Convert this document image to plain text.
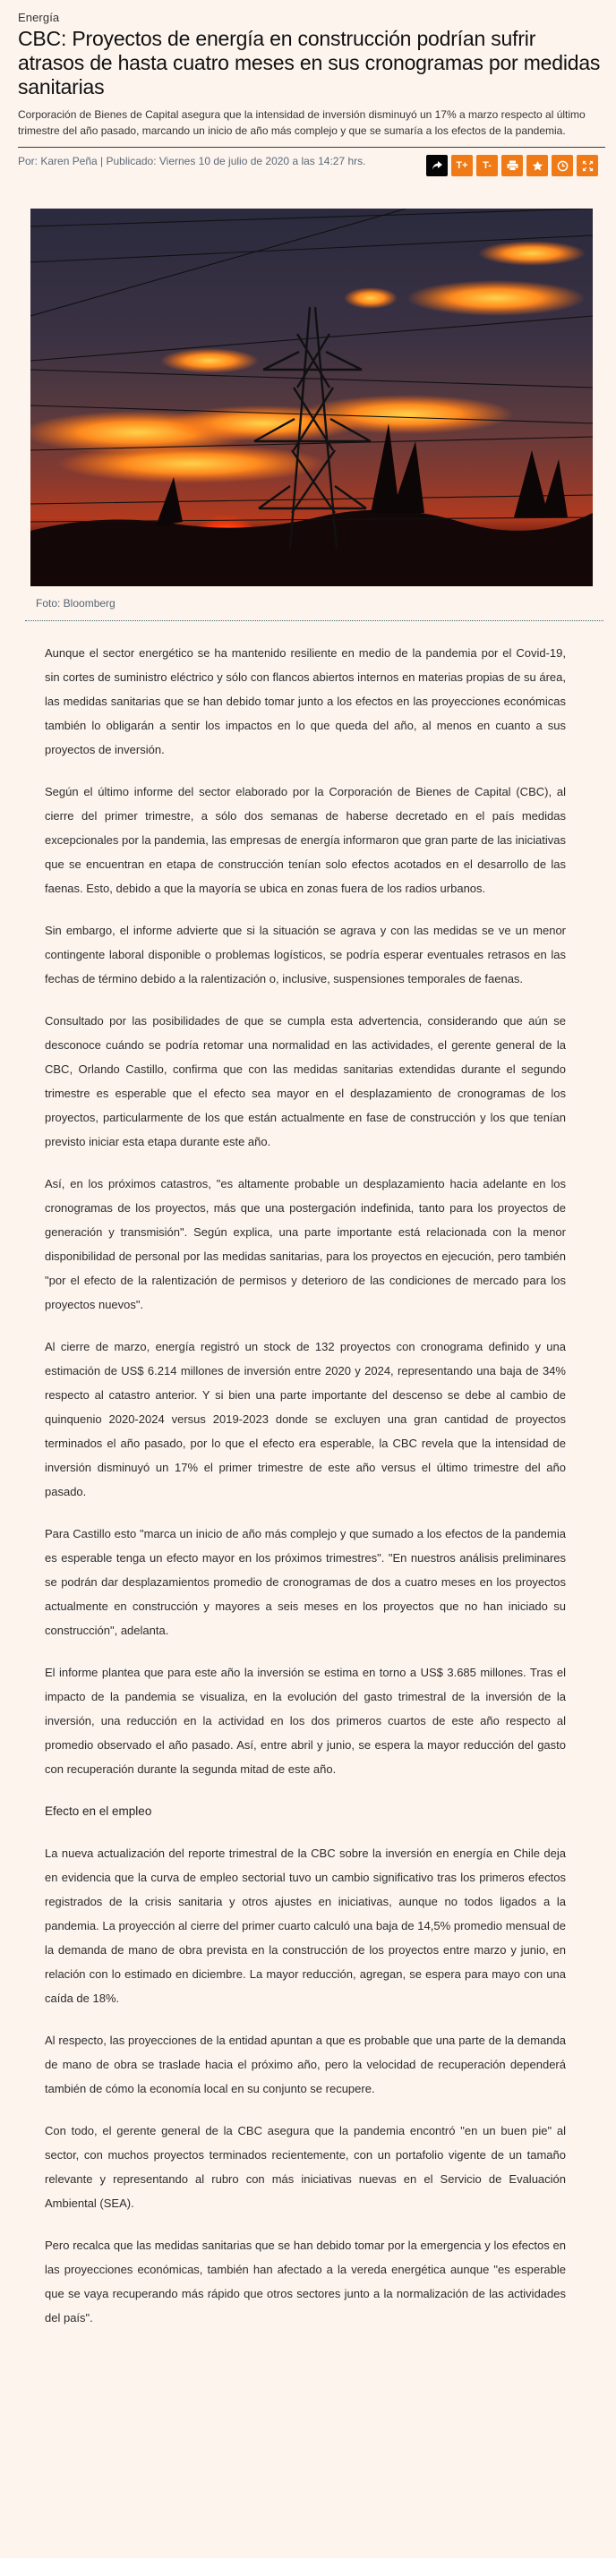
Energía
CBC: Proyectos de energía en construcción podrían sufrir atrasos de hasta cuatro meses en sus cronogramas por medidas sanitarias
Corporación de Bienes de Capital asegura que la intensidad de inversión disminuyó un 17% a marzo respecto al último trimestre del año pasado, marcando un inicio de año más complejo y que se sumaría a los efectos de la pandemia.
Por: Karen Peña | Publicado: Viernes 10 de julio de 2020 a las 14:27 hrs.	T+ T-
Foto: Bloomberg

Aunque el sector energético se ha mantenido resiliente en medio de la pandemia por el Covid-19, sin cortes de suministro eléctrico y sólo con flancos abiertos internos en materias propias de su área, las medidas sanitarias que se han debido tomar junto a los efectos en las proyecciones económicas también lo obligarán a sentir los impactos en lo que queda del año, al menos en cuanto a sus proyectos de inversión.

Según el último informe del sector elaborado por la Corporación de Bienes de Capital (CBC), al cierre del primer trimestre, a sólo dos semanas de haberse decretado en el país medidas excepcionales por la pandemia, las empresas de energía informaron que gran parte de las iniciativas que se encuentran en etapa de construcción tenían solo efectos acotados en el desarrollo de las faenas. Esto, debido a que la mayoría se ubica en zonas fuera de los radios urbanos.

Sin embargo, el informe advierte que si la situación se agrava y con las medidas se ve un menor contingente laboral disponible o problemas logísticos, se podría esperar eventuales retrasos en las fechas de término debido a la ralentización o, inclusive, suspensiones temporales de faenas.

Consultado por las posibilidades de que se cumpla esta advertencia, considerando que aún se desconoce cuándo se podría retomar una normalidad en las actividades, el gerente general de la CBC, Orlando Castillo, confirma que con las medidas sanitarias extendidas durante el segundo trimestre es esperable que el efecto sea mayor en el desplazamiento de cronogramas de los proyectos, particularmente de los que están actualmente en fase de construcción y los que tenían previsto iniciar esta etapa durante este año.

Así, en los próximos catastros, "es altamente probable un desplazamiento hacia adelante en los cronogramas de los proyectos, más que una postergación indefinida, tanto para los proyectos de generación y transmisión". Según explica, una parte importante está relacionada con la menor disponibilidad de personal por las medidas sanitarias, para los proyectos en ejecución, pero también "por el efecto de la ralentización de permisos y deterioro de las condiciones de mercado para los proyectos nuevos".

Al cierre de marzo, energía registró un stock de 132 proyectos con cronograma definido y una estimación de US$ 6.214 millones de inversión entre 2020 y 2024, representando una baja de 34% respecto al catastro anterior. Y si bien una parte importante del descenso se debe al cambio de quinquenio 2020-2024 versus 2019-2023 donde se excluyen una gran cantidad de proyectos terminados el año pasado, por lo que el efecto era esperable, la CBC revela que la intensidad de inversión disminuyó un 17% el primer trimestre de este año versus el último trimestre del año pasado.

Para Castillo esto "marca un inicio de año más complejo y que sumado a los efectos de la pandemia es esperable tenga un efecto mayor en los próximos trimestres". "En nuestros análisis preliminares se podrán dar desplazamientos promedio de cronogramas de dos a cuatro meses en los proyectos actualmente en construcción y mayores a seis meses en los proyectos que no han iniciado su construcción", adelanta.

El informe plantea que para este año la inversión se estima en torno a US$ 3.685 millones. Tras el impacto de la pandemia se visualiza, en la evolución del gasto trimestral de la inversión de la inversión, una reducción en la actividad en los dos primeros cuartos de este año respecto al promedio observado el año pasado. Así, entre abril y junio, se espera la mayor reducción del gasto con recuperación durante la segunda mitad de este año.

Efecto en el empleo

La nueva actualización del reporte trimestral de la CBC sobre la inversión en energía en Chile deja en evidencia que la curva de empleo sectorial tuvo un cambio significativo tras los primeros efectos registrados de la crisis sanitaria y otros ajustes en iniciativas, aunque no todos ligados a la pandemia. La proyección al cierre del primer cuarto calculó una baja de 14,5% promedio mensual de la demanda de mano de obra prevista en la construcción de los proyectos entre marzo y junio, en relación con lo estimado en diciembre. La mayor reducción, agregan, se espera para mayo con una caída de 18%.

Al respecto, las proyecciones de la entidad apuntan a que es probable que una parte de la demanda de mano de obra se traslade hacia el próximo año, pero la velocidad de recuperación dependerá también de cómo la economía local en su conjunto se recupere.

Con todo, el gerente general de la CBC asegura que la pandemia encontró "en un buen pie" al sector, con muchos proyectos terminados recientemente, con un portafolio vigente de un tamaño relevante y representando al rubro con más iniciativas nuevas en el Servicio de Evaluación Ambiental (SEA).

Pero recalca que las medidas sanitarias que se han debido tomar por la emergencia y los efectos en las proyecciones económicas, también han afectado a la vereda energética aunque "es esperable que se vaya recuperando más rápido que otros sectores junto a la normalización de las actividades del país".
